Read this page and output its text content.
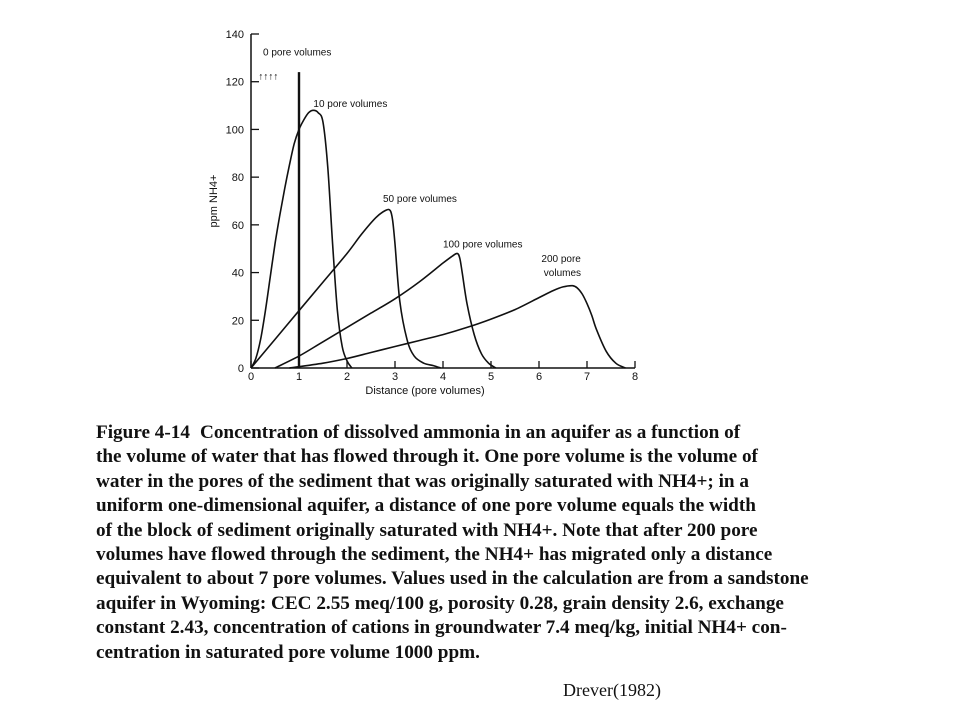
0
20
40
60
80
100
120
140
0	1	2	3	4	5	6	7	8
Distance (pore volumes)
ppm NH4+
0 pore volumes
↑↑↑↑
10 pore volumes
50 pore volumes
100 pore volumes
200 pore
volumes
Figure 4-14 Concentration of dissolved ammonia in an aquifer as a function of
the volume of water that has flowed through it. One pore volume is the volume of
water in the pores of the sediment that was originally saturated with NH4+; in a
uniform one-dimensional aquifer, a distance of one pore volume equals the width
of the block of sediment originally saturated with NH4+. Note that after 200 pore
volumes have flowed through the sediment, the NH4+ has migrated only a distance
equivalent to about 7 pore volumes. Values used in the calculation are from a sandstone
aquifer in Wyoming: CEC 2.55 meq/100 g, porosity 0.28, grain density 2.6, exchange
constant 2.43, concentration of cations in groundwater 7.4 meq/kg, initial NH4+ con-
centration in saturated pore volume 1000 ppm.
Drever(1982)
